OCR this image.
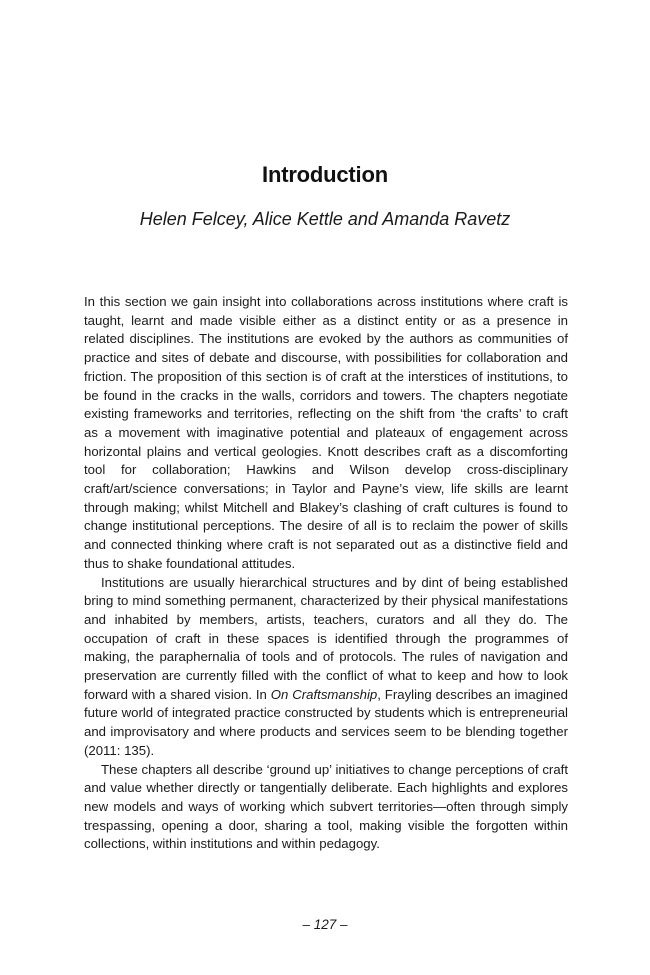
Introduction
Helen Felcey, Alice Kettle and Amanda Ravetz

In this section we gain insight into collaborations across institutions where craft is taught, learnt and made visible either as a distinct entity or as a presence in related disciplines. The institutions are evoked by the authors as communities of practice and sites of debate and discourse, with possibilities for collaboration and friction. The proposition of this section is of craft at the interstices of institutions, to be found in the cracks in the walls, corridors and towers. The chapters negotiate existing frameworks and territories, reflecting on the shift from ‘the crafts’ to craft as a movement with imaginative potential and plateaux of engagement across horizontal plains and vertical geologies. Knott describes craft as a discomforting tool for collaboration; Hawkins and Wilson develop cross-disciplinary craft/art/science conversations; in Taylor and Payne’s view, life skills are learnt through making; whilst Mitchell and Blakey’s clashing of craft cultures is found to change institutional perceptions. The desire of all is to reclaim the power of skills and connected thinking where craft is not separated out as a distinctive field and thus to shake foundational attitudes.

Institutions are usually hierarchical structures and by dint of being established bring to mind something permanent, characterized by their physical manifestations and inhabited by members, artists, teachers, curators and all they do. The occupation of craft in these spaces is identified through the programmes of making, the paraphernalia of tools and of protocols. The rules of navigation and preservation are currently filled with the conflict of what to keep and how to look forward with a shared vision. In On Craftsmanship, Frayling describes an imagined future world of integrated practice constructed by students which is entrepreneurial and improvisatory and where products and services seem to be blending together (2011: 135).

These chapters all describe ‘ground up’ initiatives to change perceptions of craft and value whether directly or tangentially deliberate. Each highlights and explores new models and ways of working which subvert territories—often through simply trespassing, opening a door, sharing a tool, making visible the forgotten within collections, within institutions and within pedagogy.

– 127 –
